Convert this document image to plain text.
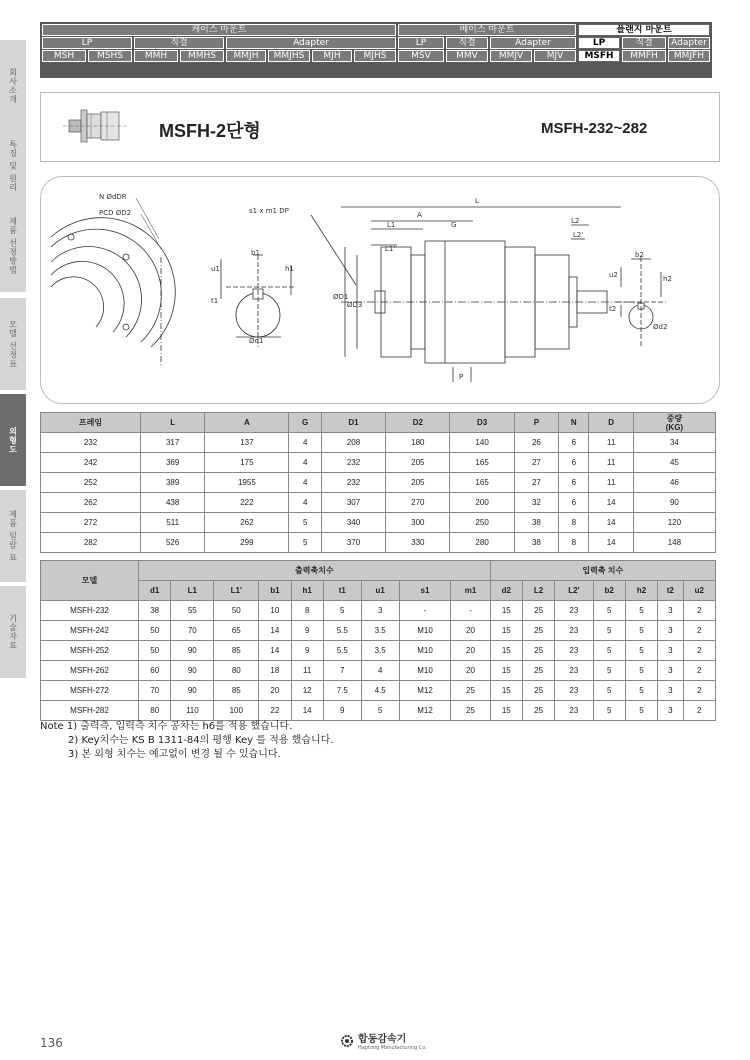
회사소개
특징 및 원리
제품 선정방법
모델 선정표
외형도
제품 일람 표
기술자료
케이스 마운트	베이스 마운트	플랜지 마운트
LP	직결	Adapter	LP	직결	Adapter	LP	직결	Adapter
MSH	MSHS	MMH	MMHS	MMJH	MMJHS	MJH	MJHS	MSV	MMV	MMJV	MJV	MSFH	MMFH	MMJFH
MSFH-2단형	MSFH-232~282
N ØdDR
PCD ØD2	s1 x m1 DP
L
A
L1	G
L1'
L2
L2'
b1
u1	h1
t1
Ød1
ØD1
ØD3
P
b2
u2	h2
t2
Ød2
프레임	L	A	G	D1	D2	D3	P	N	D	중량
(KG)
232	317	137	4	208	180	140	26	6	11	34
242	369	175	4	232	205	165	27	6	11	45
252	389	1955	4	232	205	165	27	6	11	46
262	438	222	4	307	270	200	32	6	14	90
272	511	262	5	340	300	250	38	8	14	120
282	526	299	5	370	330	280	38	8	14	148
모델	출력축치수									입력축 치수						
	d1	L1	L1'	b1	h1	t1	u1	s1	m1	d2	L2	L2'	b2	h2	t2	u2
MSFH-232	38	55	50	10	8	5	3	-	-	15	25	23	5	5	3	2
MSFH-242	50	70	65	14	9	5.5	3.5	M10	20	15	25	23	5	5	3	2
MSFH-252	50	90	85	14	9	5.5	3.5	M10	20	15	25	23	5	5	3	2
MSFH-262	60	90	80	18	11	7	4	M10	20	15	25	23	5	5	3	2
MSFH-272	70	90	85	20	12	7.5	4.5	M12	25	15	25	23	5	5	3	2
MSFH-282	80	110	100	22	14	9	5	M12	25	15	25	23	5	5	3	2
Note 1) 출력측, 입력측 치수 공차는 h6를 적용 했습니다.
2) Key치수는 KS B 1311-84의 평행 Key 를 적용 했습니다.
3) 본 외형 치수는 예고없이 변경 될 수 있습니다.
136	합동감속기
Haptong Manufacturing Co.
